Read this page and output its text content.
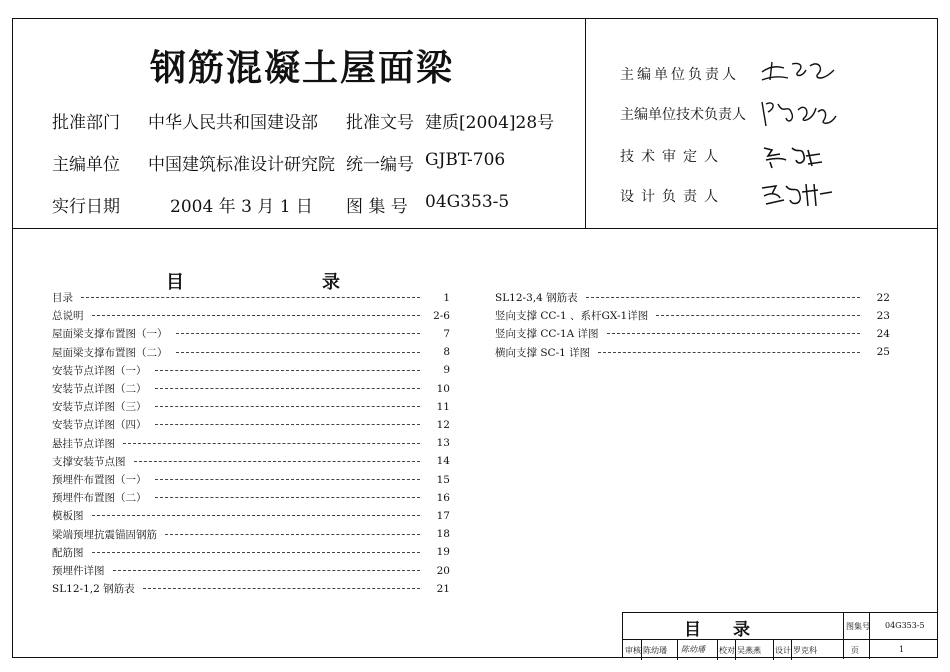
钢筋混凝土屋面梁
批准部门 中华人民共和国建设部 批准文号 建质[2004]28号
主编单位 中国建筑标准设计研究院 统一编号 GJBT-706
实行日期	2004 年 3 月 1 日 图 集 号 04G353-5
主编单位负责人
主编单位技术负责人
技术审定人
设计负责人
目	录
目录	1
总说明	2-6
屋面梁支撑布置图（一）	7
屋面梁支撑布置图（二）	8
安装节点详图（一）	9
安装节点详图（二）	10
安装节点详图（三）	11
安装节点详图（四）	12
悬挂节点详图	13
支撑安装节点图	14
预埋件布置图（一）	15
预埋件布置图（二）	16
模板图	17
梁端预埋抗震锚固钢筋	18
配筋图	19
预埋件详图	20
SL12-1,2 钢筋表	21
SL12-3,4 钢筋表	22
竖向支撑 CC-1 、系杆GX-1详图	23
竖向支撑 CC-1A 详图	24
横向支撑 SC-1 详图	25
目录	图集号 04G353-5
审核 陈幼璠 陈幼璠 校对 吴燕燕 设计 罗克科	页	1
